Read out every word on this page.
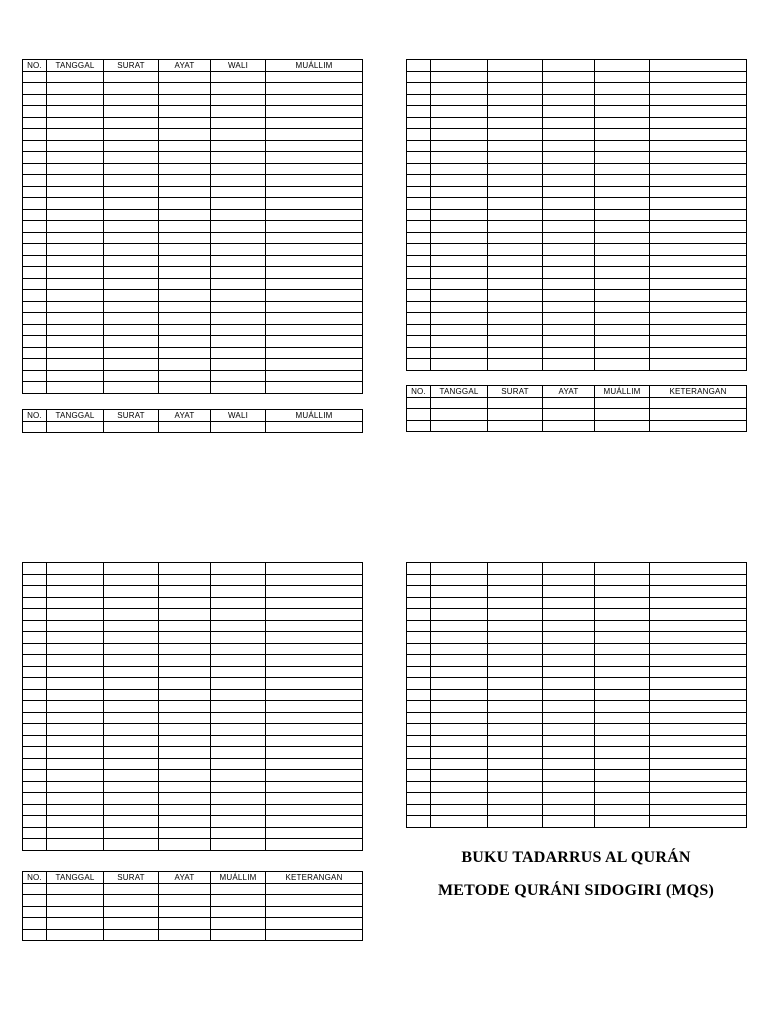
NO.	TANGGAL	SURAT	AYAT	WALI	MUÁLLIM

NO.	TANGGAL	SURAT	AYAT	WALI	MUÁLLIM

NO.	TANGGAL	SURAT	AYAT	MUÁLLIM	KETERANGAN

NO.	TANGGAL	SURAT	AYAT	MUÁLLIM	KETERANGAN

BUKU TADARRUS AL QURÁN
METODE QURÁNI SIDOGIRI (MQS)
